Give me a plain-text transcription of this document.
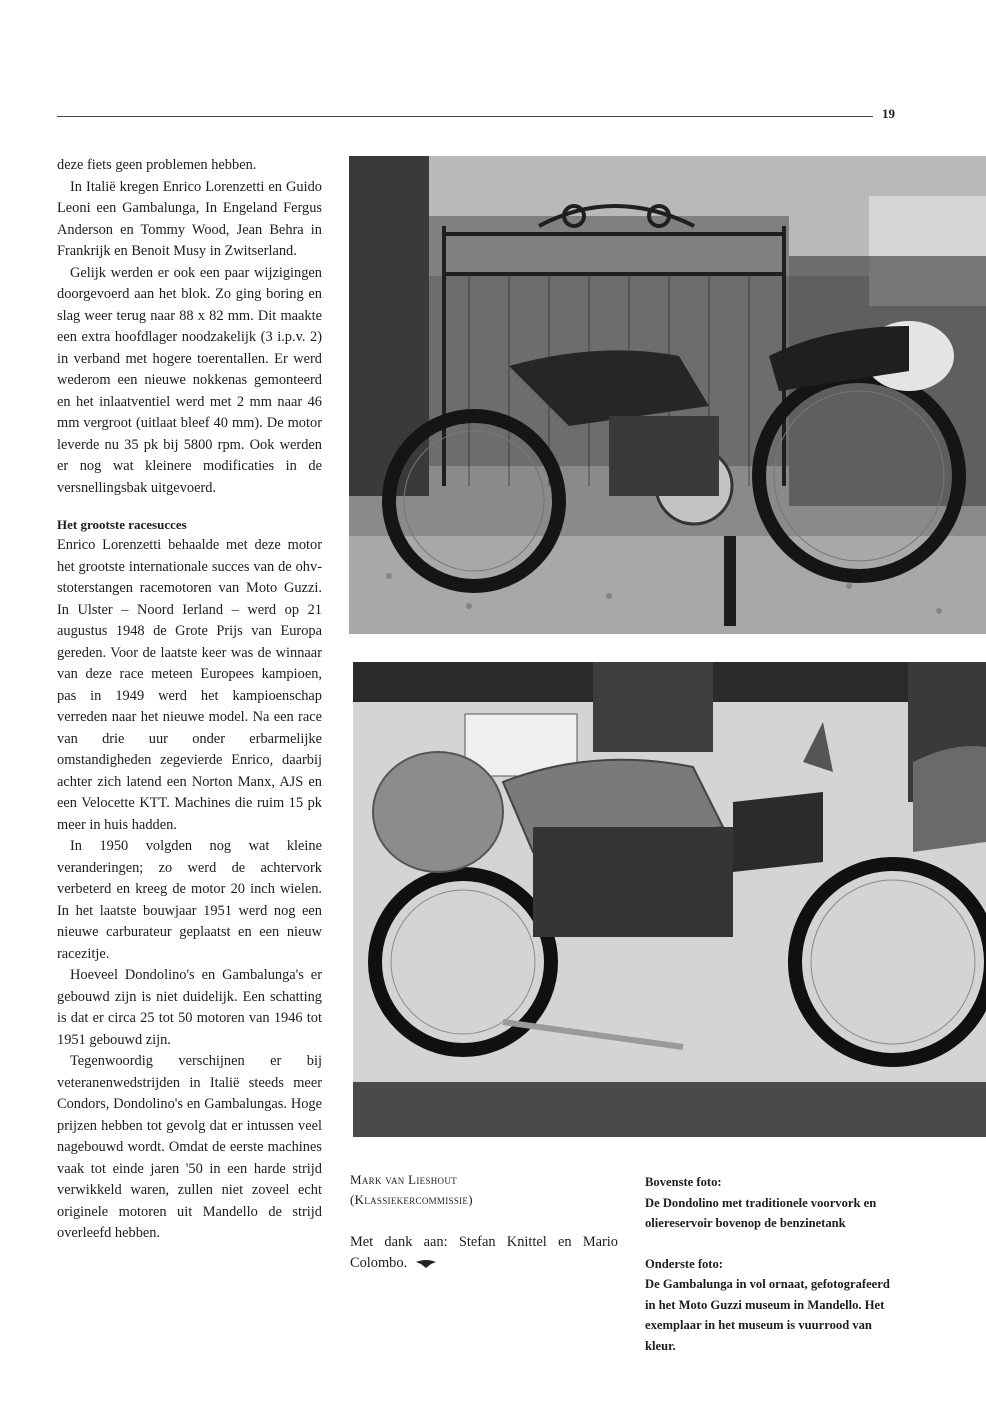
19

deze fiets geen problemen hebben.

In Italië kregen Enrico Lorenzetti en Guido Leoni een Gambalunga, In Engeland Fergus Anderson en Tommy Wood, Jean Behra in Frankrijk en Benoit Musy in Zwitserland.

Gelijk werden er ook een paar wijzigingen doorgevoerd aan het blok. Zo ging boring en slag weer terug naar 88 x 82 mm. Dit maakte een extra hoofdlager noodzakelijk (3 i.p.v. 2) in verband met hogere toerentallen. Er werd wederom een nieuwe nokkenas gemonteerd en het inlaatventiel werd met 2 mm naar 46 mm vergroot (uitlaat bleef 40 mm). De motor leverde nu 35 pk bij 5800 rpm. Ook werden er nog wat kleinere modificaties in de versnellingsbak uitgevoerd.

Het grootste racesucces

Enrico Lorenzetti behaalde met deze motor het grootste internationale succes van de ohv-stoterstangen racemotoren van Moto Guzzi. In Ulster – Noord Ierland – werd op 21 augustus 1948 de Grote Prijs van Europa gereden. Voor de laatste keer was de winnaar van deze race meteen Europees kampioen, pas in 1949 werd het kampioenschap verreden naar het nieuwe model. Na een race van drie uur onder erbarmelijke omstandigheden zegevierde Enrico, daarbij achter zich latend een Norton Manx, AJS en een Velocette KTT. Machines die ruim 15 pk meer in huis hadden.

In 1950 volgden nog wat kleine veranderingen; zo werd de achtervork verbeterd en kreeg de motor 20 inch wielen. In het laatste bouwjaar 1951 werd nog een nieuwe carburateur geplaatst en een nieuw racezitje.

Hoeveel Dondolino's en Gambalunga's er gebouwd zijn is niet duidelijk. Een schatting is dat er circa 25 tot 50 motoren van 1946 tot 1951 gebouwd zijn.

Tegenwoordig verschijnen er bij veteranenwedstrijden in Italië steeds meer Condors, Dondolino's en Gambalungas. Hoge prijzen hebben tot gevolg dat er intussen veel nagebouwd wordt. Omdat de eerste machines vaak tot einde jaren '50 in een harde strijd verwikkeld waren, zullen niet zoveel echt originele motoren uit Mandello de strijd overleefd hebben.

Mark van Lieshout
(Klassiekercommissie)
Met dank aan: Stefan Knittel en Mario Colombo.
Bovenste foto:
De Dondolino met traditionele voorvork en oliereservoir bovenop de benzinetank
Onderste foto:
De Gambalunga in vol ornaat, gefotografeerd in het Moto Guzzi museum in Mandello. Het exemplaar in het museum is vuurrood van kleur.
